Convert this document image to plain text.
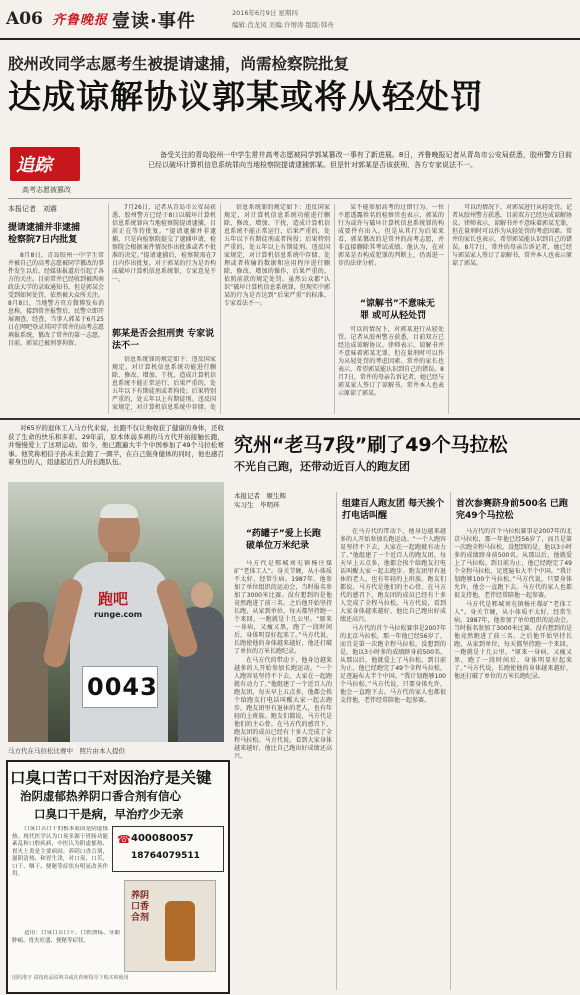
A06 齐鲁晚报 壹读·事件	2016年6月9日 星期四
编辑:肖龙凤 美编:许增涛 组版:韩舟
胶州改同学志愿考生被提请逮捕，尚需检察院批复
达成谅解协议郭某或将从轻处罚
追踪
高考志愿被篡改

备受关注的青岛胶州一中学生常井高考志愿被同学郭某篡改一事有了新进展。8日，齐鲁晚报记者从青岛市公安局获悉，胶州警方目前已经以破坏计算机信息系统罪向当地检察院提请逮捕郭某。但是针对郭某是否该获刑，各方专家说法不一。

本报记者　刘震
提请逮捕并非逮捕 检察院7日内批复

8月8日，青岛胶州一中学生常井被自己的高考志愿被同学篡改的事件发生以后，经媒体报道后引起了各方的关注。目前常井已经收到被西南政法大学的录取通知书，但是郭某会受到如何处罚，依然被大众所关注。8月8日，当地警方官方微博发布消息称，接到常井报警后，民警立即开展调查，经查，当事人郭某于6月25日在网吧登录其同学常井的高考志愿填报系统，篡改了常井的第一志愿。目前，郭某已被刑事拘留。

7月26日，记者从青岛市公安局获悉，胶州警方已经于8日以破坏计算机信息系统罪向当地检察院提请逮捕，目前正在等待批复。“提请逮捕并非逮捕，只是向检察院提交了逮捕申请，检察院会根据案件情况作出批准或者不批准的决定。”提请逮捕后，检察院需在7日内作出批复。对于郭某的行为是否构成破坏计算机信息系统罪，专家意见不一。

郭某是否会担刑责 专家说法不一

信息系统罪的规定如下：违反国家规定，对计算机信息系统功能进行删除、修改、增加、干扰，造成计算机信息系统不能正常运行，后果严重的，处五年以下有期徒刑或者拘役；后果特别严重的，处五年以上有期徒刑。违反国家规定，对计算机信息系统中存储、处

信息系统罪的规定如下：违反国家规定，对计算机信息系统功能进行删除、修改、增加、干扰，造成计算机信息系统不能正常运行，后果严重的，处五年以下有期徒刑或者拘役；后果特别严重的，处五年以上有期徒刑。违反国家规定，对计算机信息系统中存储、处理或者传输的数据和应用程序进行删除、修改、增加的操作，后果严重的，依照前款的规定处罚。虽然公众都“认识”破坏计算机信息系统罪，但现实中郭某的行为是否达到“后果严重”的标准，专家看法不一。

某不能参加高考的过错行为。一位不愿透露姓名的检察官也表示，郭某的行为或许与破坏计算机信息系统罪的构成要件有出入，但是从其行为后果来看，郭某篡改的是常井的高考志愿，并非直接删除其考试成绩。他认为，在对郭某是否构成犯罪的判断上，仍需进一步的法律分析。

“谅解书”不意味无罪 或可从轻处罚

可以的情况下，对郭某进行从轻处罚。记者从胶州警方获悉，目前双方已经达成谅解协议。律师表示，谅解书并不意味着郭某无罪，但在量刑时可以作为从轻处罚的考虑因素。常井的家长也表示，希望郭某能认识到自己的错误。8月7日，常井的母亲告诉记者，她已经与郭某家人签订了谅解书，常井本人也表示原谅了郭某。

可以的情况下，对郭某进行从轻处罚。记者从胶州警方获悉，目前双方已经达成谅解协议。律师表示，谅解书并不意味着郭某无罪，但在量刑时可以作为从轻处罚的考虑因素。常井的家长也表示，希望郭某能认识到自己的错误。8月7日，常井的母亲告诉记者，她已经与郭某家人签订了谅解书，常井本人也表示原谅了郭某。

对65岁的退休工人马方代来说，长跑不仅让他收获了健康的身体，还收获了生命的快乐和多彩。29年前，原本体弱多病的马方代开始接触长跑，并慢慢爱上了这项运动。如今，他已跑遍大半个中国参加了49个马拉松赛事。他笑称相信子孙未来会跑了一圈半，在自己强身健体的同时，他也感召着身边的人，组建起近百人的长跑队伍。

究州“老马7段”刷了49个马拉松
不光自己跑，还带动近百人的跑友团
跑吧
runge.com
0043
马方代在马拉松比赛中　照片由本人提供
本报记者　姬生辉
实习生　毕明环
“药罐子”爱上长跑 破单位万米纪录

马方代是郓城刘屯镇杨庄煤矿“老体工人”。身关节硬，从小体质不太好，经常生病。1987年，他参加了单位组织的运动会，当时报名参加了3000米比赛。没有想到的是他竟然跑进了前三名。之后他开始坚持长跑，从家到单位，每天都坚持跑一个来回，一跑就是十几公里。“原来一身病，又瘦又黑，跑了一段时间后，身体明显好起来了。”马方代说，长跑使他的身体越来越好，他还打破了单位的万米长跑纪录。

在马方代的带动下，他身边越来越多的人开始参加长跑运动。“一个人跑容易坚持不下去，大家在一起跑就有动力了。”他组建了一个近百人的跑友团，每天早上五点多，他都会挨个给跑友打电话叫醒大家一起去跑步。跑友团里有退休的老人，也有年轻的上班族。跑友们都说，马方代是他们的主心骨。在马方代的感召下，跑友团的成员已经有十多人完成了全程马拉松。马方代说，看到大家身体越来越好，他比自己跑出好成绩还高兴。

组建百人跑友团 每天挨个打电话叫醒

在马方代的带动下，他身边越来越多的人开始参加长跑运动。“一个人跑容易坚持不下去，大家在一起跑就有动力了。”他组建了一个近百人的跑友团，每天早上五点多，他都会挨个给跑友打电话叫醒大家一起去跑步。跑友团里有退休的老人，也有年轻的上班族。跑友们都说，马方代是他们的主心骨。在马方代的感召下，跑友团的成员已经有十多人完成了全程马拉松。马方代说，看到大家身体越来越好，他比自己跑出好成绩还高兴。

马方代的首个马拉松赛事是2007年的北京马拉松，那一年他已经56岁了，而且是第一次跑全程马拉松。没想到的是，他以3小时多的成绩跻身前500名。从那以后，他就爱上了马拉松。到目前为止，他已经跑完了49个全程马拉松，足迹遍布大半个中国。“我计划跑够100个马拉松。”马方代说，只要身体允许，他会一直跑下去。马方代的家人也都很支持他，老伴经常陪他一起参赛。

首次参赛跻身前500名 已跑完49个马拉松

马方代的首个马拉松赛事是2007年的北京马拉松，那一年他已经56岁了，而且是第一次跑全程马拉松。没想到的是，他以3小时多的成绩跻身前500名。从那以后，他就爱上了马拉松。到目前为止，他已经跑完了49个全程马拉松，足迹遍布大半个中国。“我计划跑够100个马拉松。”马方代说，只要身体允许，他会一直跑下去。马方代的家人也都很支持他，老伴经常陪他一起参赛。

马方代是郓城刘屯镇杨庄煤矿“老体工人”。身关节硬，从小体质不太好，经常生病。1987年，他参加了单位组织的运动会，当时报名参加了3000米比赛。没有想到的是他竟然跑进了前三名。之后他开始坚持长跑，从家到单位，每天都坚持跑一个来回，一跑就是十几公里。“原来一身病，又瘦又黑，跑了一段时间后，身体明显好起来了。”马方代说，长跑使他的身体越来越好，他还打破了单位的万米长跑纪录。

口臭口苦口干对因治疗是关键
治阴虚郁热养阴口香合剂有信心
口臭口干是病，早治疗少无亲

口臭口苦口干的根本原因是阴虚郁热。现代医学认为口臭多源于胃肠功能紊乱和口腔疾病，中医认为阴虚郁热、胃火上炎是主要病因。养阴口香合剂，滋阴清热、和胃生津，对口臭、口苦、口干、咽干、便秘等症状有明显改善作用。

☎ 400080057
18764079511
养阴口香合剂

适用：口臭口苦口干、口腔溃疡、牙龈肿痛、胃火旺盛、便秘等症状。

国药准字 请按药品说明书或在药师指导下购买和使用
